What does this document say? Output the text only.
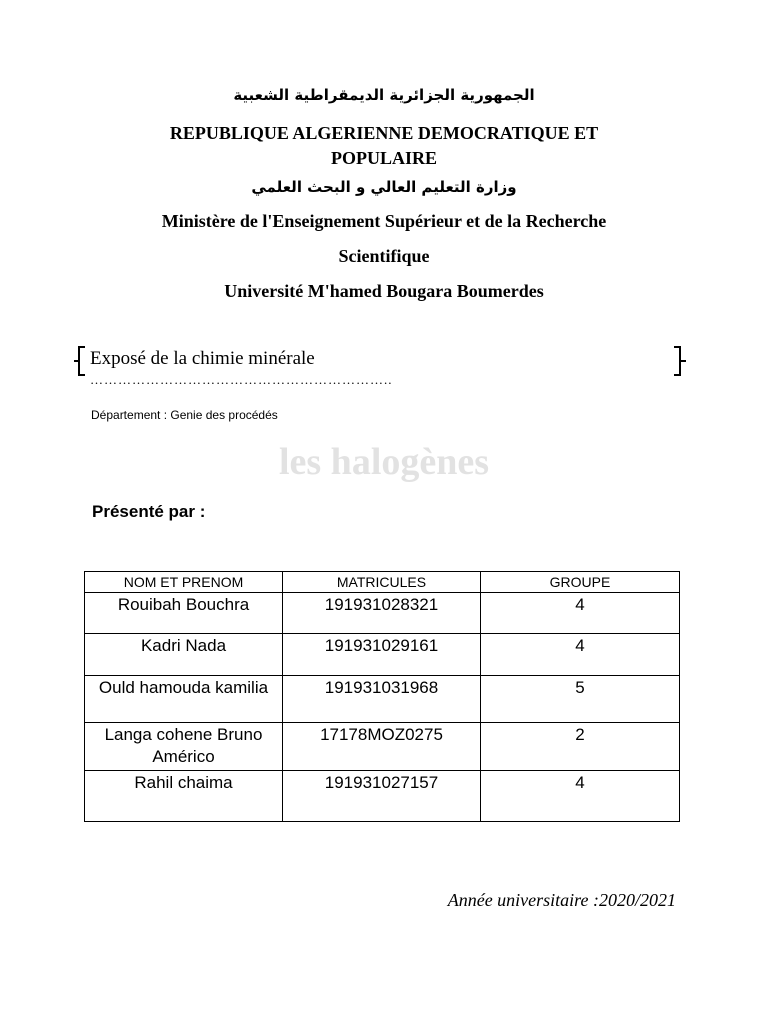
الجمهورية الجزائرية الديمقراطية الشعبية
REPUBLIQUE ALGERIENNE DEMOCRATIQUE ET POPULAIRE
وزارة التعليم العالي و البحث العلمي
Ministère de l'Enseignement Supérieur et de la Recherche
Scientifique
Université M'hamed Bougara Boumerdes
Exposé de la chimie minérale
………………………………………………………..
Département : Genie des procédés
les halogènes
Présenté par :
NOM ET PRENOM	MATRICULES	GROUPE
Rouibah Bouchra	191931028321	4
Kadri Nada	191931029161	4
Ould hamouda kamilia	191931031968	5
Langa cohene Bruno Américo	17178MOZ0275	2
Rahil chaima	191931027157	4
Année universitaire :2020/2021
